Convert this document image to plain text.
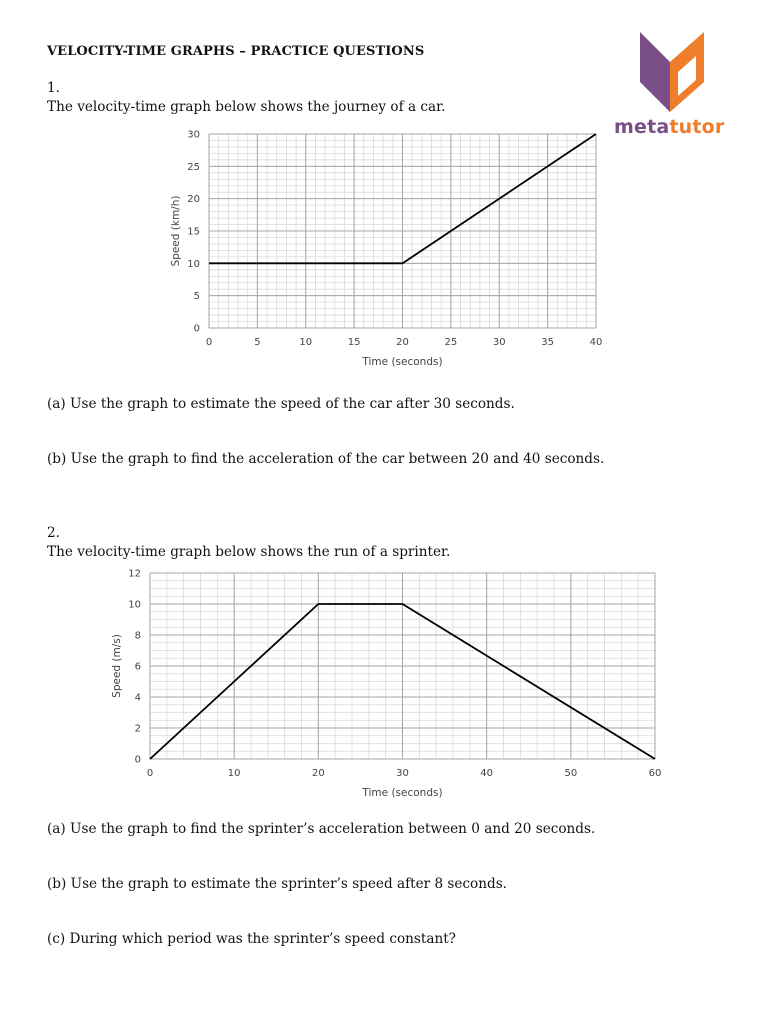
VELOCITY-TIME GRAPHS – PRACTICE QUESTIONS
metatutor
1.
The velocity-time graph below shows the journey of a car.
0	5	10	15	20	25	30	35	40
0
5
10
15
20
25
30
Time (seconds)
Speed (km/h)
(a) Use the graph to estimate the speed of the car after 30 seconds.
(b) Use the graph to find the acceleration of the car between 20 and 40 seconds.
2.
The velocity-time graph below shows the run of a sprinter.
0	10	20	30	40	50	60
0
2
4
6
8
10
12
Time (seconds)
Speed (m/s)
(a) Use the graph to find the sprinter’s acceleration between 0 and 20 seconds.
(b) Use the graph to estimate the sprinter’s speed after 8 seconds.
(c) During which period was the sprinter’s speed constant?
